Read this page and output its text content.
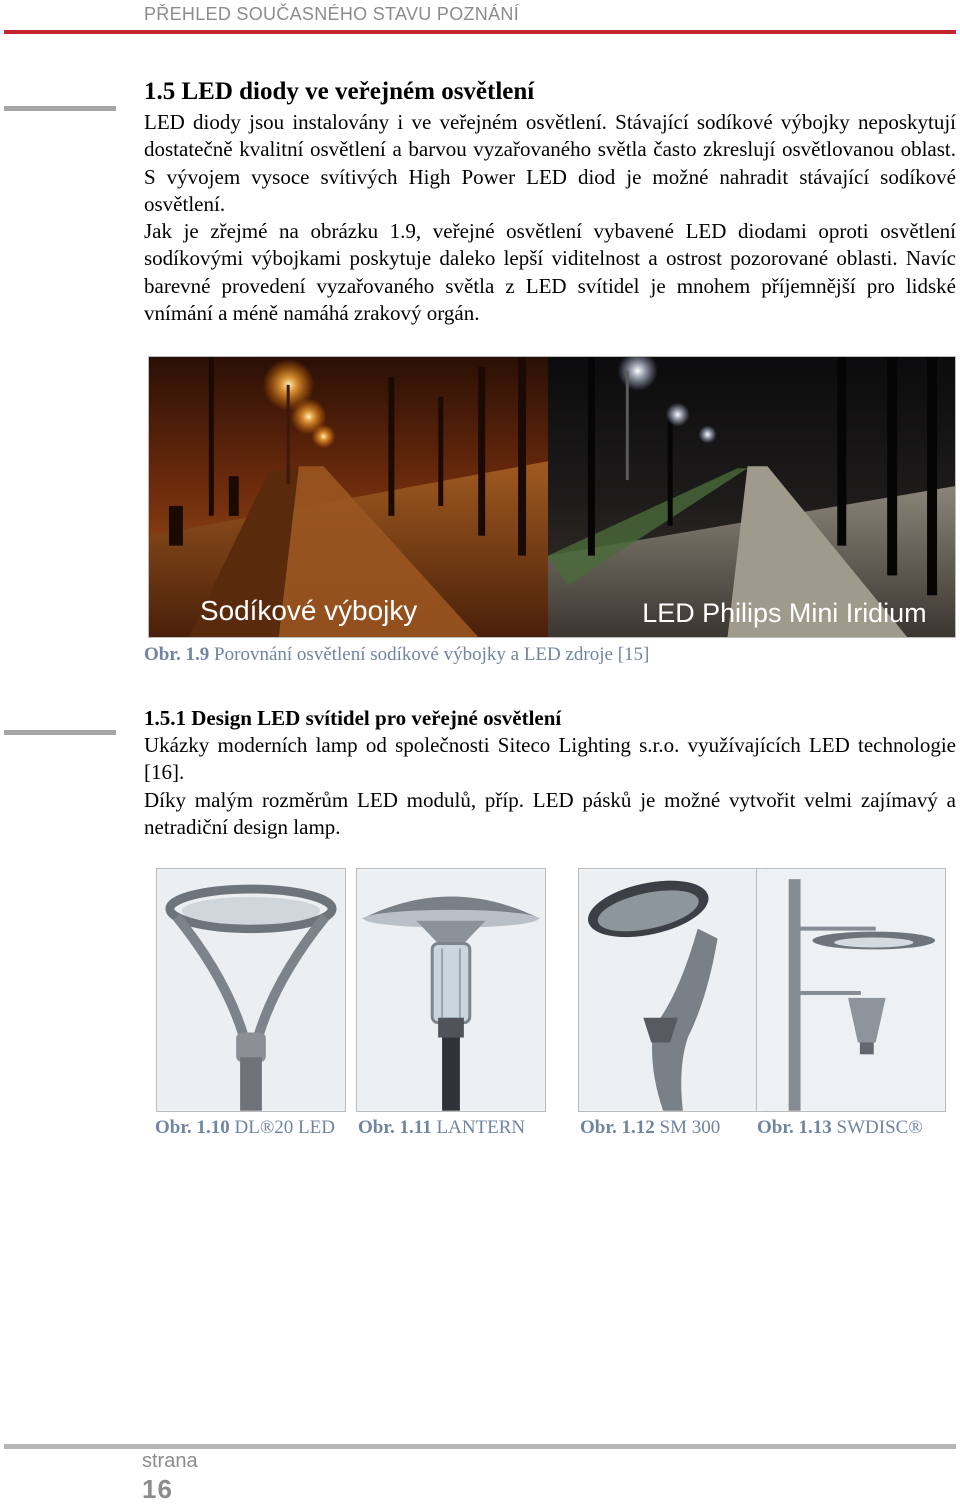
PŘEHLED SOUČASNÉHO STAVU POZNÁNÍ
1.5 LED diody ve veřejném osvětlení
LED diody jsou instalovány i ve veřejném osvětlení. Stávající sodíkové výbojky neposkytují dostatečně kvalitní osvětlení a barvou vyzařovaného světla často zkreslují osvětlovanou oblast. S vývojem vysoce svítivých High Power LED diod je možné nahradit stávající sodíkové osvětlení.
Jak je zřejmé na obrázku 1.9, veřejné osvětlení vybavené LED diodami oproti osvětlení sodíkovými výbojkami poskytuje daleko lepší viditelnost a ostrost pozorované oblasti. Navíc barevné provedení vyzařovaného světla z LED svítidel je mnohem příjemnější pro lidské vnímání a méně namáhá zrakový orgán.
Sodíkové výbojky	LED Philips Mini Iridium
Obr. 1.9 Porovnání osvětlení sodíkové výbojky a LED zdroje [15]
1.5.1 Design LED svítidel pro veřejné osvětlení
Ukázky moderních lamp od společnosti Siteco Lighting s.r.o. využívajících LED technologie [16].
Díky malým rozměrům LED modulů, příp. LED pásků je možné vytvořit velmi zajímavý a netradiční design lamp.
Obr. 1.10 DL®20 LED Obr. 1.11 LANTERN	Obr. 1.12 SM 300 Obr. 1.13 SWDISC®
strana
16
